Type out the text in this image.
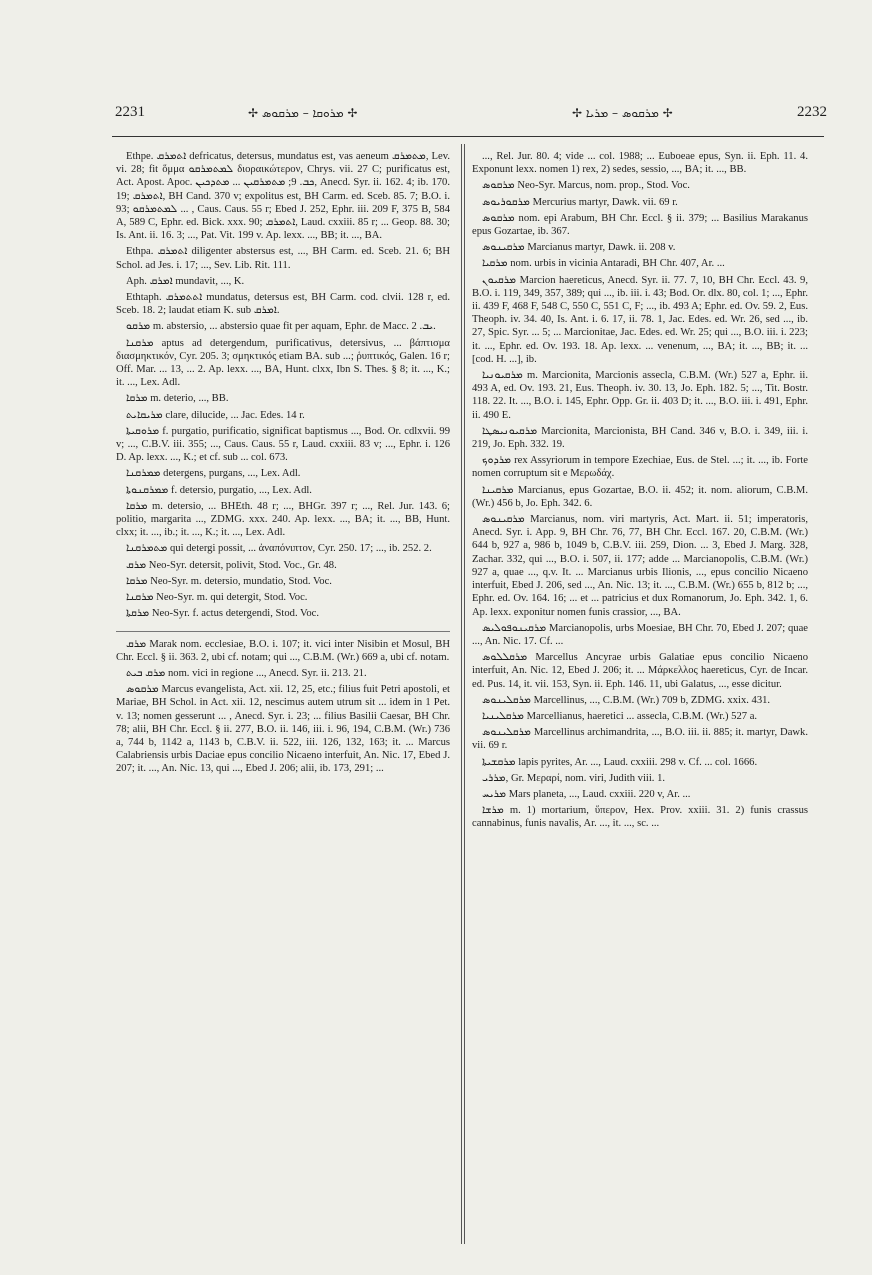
2231	✢ ܡܪܘܩܐ – ܡܪܩܘܣ ✢	✢ ܡܪܩܘܣ – ܡܪܝܐ ✢	2232

Ethpe. ܐܬܡܪܩ defricatus, detersus, mundatus est, vas aeneum ܡܬܡܪܩ, Lev. vi. 28; fit ὅμμα ܠܡܬܡܪܩܘ διοραικώτερον, Chrys. vii. 27 C; purificatus est, Act. Apost. Apoc. ܟܒ. 9; ܡܬܡܪܩܝܢ ... ܡܬܕܟܝܢ, Anecd. Syr. ii. 162. 4; ib. 170. 19; ܐܬܡܪܩ, BH Cand. 370 v; expolitus est, BH Carm. ed. Sceb. 85. 7; B.O. i. 93; ܠܡܬܡܪܩܘ ... , Caus. Caus. 55 r; Ebed J. 252, Ephr. iii. 209 F, 375 B, 584 A, 589 C, Ephr. ed. Bick. xxx. 90; ܐܬܡܪܩ, Laud. cxxiii. 85 r; ... Geop. 88. 30; Is. Ant. ii. 16. 3; ..., Pat. Vit. 199 v. Ap. lexx. ..., BB; it. ..., BA.

Ethpa. ܐܬܡܪܩ diligenter abstersus est, ..., BH Carm. ed. Sceb. 21. 6; BH Schol. ad Jes. i. 17; ..., Sev. Lib. Rit. 111.

Aph. ܐܡܪܩ mundavit, ..., K.

Ethtaph. ܐܬܬܡܪܩ mundatus, detersus est, BH Carm. cod. clvii. 128 r, ed. Sceb. 18. 2; laudat etiam K. sub ܐܡܪܩ.

ܡܪܩܘ m. abstersio, ... abstersio quae fit per aquam, Ephr. de Macc. ܝܒ. 2.

ܡܪܩܢܐ aptus ad detergendum, purificativus, detersivus, ... βάπτισμα διασμηκτικόν, Cyr. 205. 3; σμηκτικός etiam BA. sub ...; ῥυπτικός, Galen. 16 r; Off. Mar. ... 13, ... 2. Ap. lexx. ..., BA, Hunt. clxx, Ibn S. Thes. § 8; it. ..., K.; it. ..., Lex. Adl.

ܡܪܩܐ m. deterio, ..., BB.

ܡܪܝܩܐܝܬ clare, dilucide, ... Jac. Edes. 14 r.

ܡܪܘܩܝܬܐ f. purgatio, purificatio, significat baptismus ..., Bod. Or. cdlxvii. 99 v; ..., C.B.V. iii. 355; ..., Caus. Caus. 55 r, Laud. cxxiii. 83 v; ..., Ephr. i. 126 D. Ap. lexx. ..., K.; et cf. sub ... col. 673.

ܡܡܪܩܢܐ detergens, purgans, ..., Lex. Adl.

ܡܡܪܩܢܘܬܐ f. detersio, purgatio, ..., Lex. Adl.

ܡܪܩܐ m. detersio, ... BHEth. 48 r; ..., BHGr. 397 r; ..., Rel. Jur. 143. 6; politio, margarita ..., ZDMG. xxx. 240. Ap. lexx. ..., BA; it. ..., BB, Hunt. clxx; it. ..., ib.; it. ..., K.; it. ..., Lex. Adl.

ܡܬܡܪܩܢܐ qui detergi possit, ... ἀναπόνιπτον, Cyr. 250. 17; ..., ib. 252. 2.

ܡܪܩ Neo-Syr. detersit, polivit, Stod. Voc., Gr. 48.

ܡܪܩܐ Neo-Syr. m. detersio, mundatio, Stod. Voc.

ܡܪܩܢܐ Neo-Syr. m. qui detergit, Stod. Voc.

ܡܪܩܬܐ Neo-Syr. f. actus detergendi, Stod. Voc.

ܡܪܩ Marak nom. ecclesiae, B.O. i. 107; it. vici inter Nisibin et Mosul, BH Chr. Eccl. § ii. 363. 2, ubi cf. notam; qui ..., C.B.M. (Wr.) 669 a, ubi cf. notam.

ܡܪܩ ܒܝܬ nom. vici in regione ..., Anecd. Syr. ii. 213. 21.

ܡܪܩܘܣ Marcus evangelista, Act. xii. 12, 25, etc.; filius fuit Petri apostoli, et Mariae, BH Schol. in Act. xii. 12, nescimus autem utrum sit ... idem in 1 Pet. v. 13; nomen gesserunt ... , Anecd. Syr. i. 23; ... filius Basilii Caesar, BH Chr. 78; alii, BH Chr. Eccl. § ii. 277, B.O. ii. 146, iii. i. 96, 194, C.B.M. (Wr.) 736 a, 744 b, 1142 a, 1143 b, C.B.V. ii. 522, iii. 126, 132, 163; it. ... Marcus Calabriensis urbis Daciae epus concilio Nicaeno interfuit, An. Nic. 17, Ebed J. 207; it. ..., An. Nic. 13, qui ..., Ebed J. 206; alii, ib. 173, 291; ...

..., Rel. Jur. 80. 4; vide ... col. 1988; ... Euboeae epus, Syn. ii. Eph. 11. 4. Exponunt lexx. nomen 1) rex, 2) sedes, sessio, ..., BA; it. ..., BB.

ܡܪܩܘܣ Neo-Syr. Marcus, nom. prop., Stod. Voc.

ܡܪܩܘܪܝܘܣ Mercurius martyr, Dawk. vii. 69 r.

ܡܪܩܘܣ nom. epi Arabum, BH Chr. Eccl. § ii. 379; ... Basilius Marakanus epus Gozartae, ib. 367.

ܡܪܩܝܢܘܣ Marcianus martyr, Dawk. ii. 208 v.

ܡܪܩܝܐ nom. urbis in vicinia Antaradi, BH Chr. 407, Ar. ...

ܡܪܩܝܘܢ Marcion haereticus, Anecd. Syr. ii. 77. 7, 10, BH Chr. Eccl. 43. 9, B.O. i. 119, 349, 357, 389; qui ..., ib. iii. i. 43; Bod. Or. dlx. 80, col. 1; ..., Ephr. ii. 439 F, 468 F, 548 C, 550 C, 551 C, F; ..., ib. 493 A; Ephr. ed. Ov. 59. 2, Eus. Theoph. iv. 34. 40, Is. Ant. i. 6. 17, ii. 78. 1, Jac. Edes. ed. Wr. 26, sed ..., ib. 27, Spic. Syr. ... 5; ... Marcionitae, Jac. Edes. ed. Wr. 25; qui ..., B.O. iii. i. 223; it. ..., Ephr. ed. Ov. 193. 18. Ap. lexx. ... venenum, ..., BA; it. ..., BB; it. ... [cod. H. ...], ib.

ܡܪܩܝܘܢܝܐ m. Marcionita, Marcionis assecla, C.B.M. (Wr.) 527 a, Ephr. ii. 493 A, ed. Ov. 193. 21, Eus. Theoph. iv. 30. 13, Jo. Eph. 182. 5; ..., Tit. Bostr. 118. 22. It. ..., B.O. i. 145, Ephr. Opp. Gr. ii. 403 D; it. ..., B.O. iii. i. 491, Ephr. ii. 490 E.

ܡܪܩܝܘܢܝܣܛܐ Marcionita, Marcionista, BH Cand. 346 v, B.O. i. 349, iii. i. 219, Jo. Eph. 332. 19.

ܡܪܕܘܟ rex Assyriorum in tempore Ezechiae, Eus. de Stel. ...; it. ..., ib. Forte nomen corruptum sit e Μερωδάχ.

ܡܪܩܝܢܐ Marcianus, epus Gozartae, B.O. ii. 452; it. nom. aliorum, C.B.M. (Wr.) 456 b, Jo. Eph. 342. 6.

ܡܪܩܝܢܘܣ Marcianus, nom. viri martyris, Act. Mart. ii. 51; imperatoris, Anecd. Syr. i. App. 9, BH Chr. 76, 77, BH Chr. Eccl. 167. 20, C.B.M. (Wr.) 644 b, 927 a, 986 b, 1049 b, C.B.V. iii. 259, Dion. ... 3, Ebed J. Marg. 328, Zachar. 332, qui ..., B.O. i. 507, ii. 177; adde ... Marcianopolis, C.B.M. (Wr.) 927 a, quae ..., q.v. It. ... Marcianus urbis Ilionis, ..., epus concilio Nicaeno interfuit, Ebed J. 206, sed ..., An. Nic. 13; it. ..., C.B.M. (Wr.) 655 b, 812 b; ..., Ephr. ed. Ov. 164. 16; ... et ... patricius et dux Romanorum, Jo. Eph. 342. 1, 6. Ap. lexx. exponitur nomen funis crassior, ..., BA.

ܡܪܩܝܢܘܦܘܠܝܣ Marcianopolis, urbs Moesiae, BH Chr. 70, Ebed J. 207; quae ..., An. Nic. 17. Cf. ...

ܡܪܩܠܠܘܣ Marcellus Ancyrae urbis Galatiae epus concilio Nicaeno interfuit, An. Nic. 12, Ebed J. 206; it. ... Μάρκελλος haereticus, Cyr. de Incar. ed. Pus. 14, it. vii. 153, Syn. ii. Eph. 146. 11, ubi Galatus, ..., esse dicitur.

ܡܪܩܠܝܢܘܣ Marcellinus, ..., C.B.M. (Wr.) 709 b, ZDMG. xxix. 431.

ܡܪܩܠܝܢܝܐ Marcellianus, haeretici ... assecla, C.B.M. (Wr.) 527 a.

ܡܪܩܠܝܢܘܣ Marcellinus archimandrita, ..., B.O. iii. ii. 885; it. martyr, Dawk. vii. 69 r.

ܡܪܩܫܝܬܐ lapis pyrites, Ar. ..., Laud. cxxiii. 298 v. Cf. ... col. 1666.

ܡܪܪܝ, Gr. Μεραρί, nom. viri, Judith viii. 1.

ܡܪܝܚ Mars planeta, ..., Laud. cxxiii. 220 v, Ar. ...

ܡܪܫܐ m. 1) mortarium, ὕπερον, Hex. Prov. xxiii. 31. 2) funis crassus cannabinus, funis navalis, Ar. ..., it. ..., sc. ...
